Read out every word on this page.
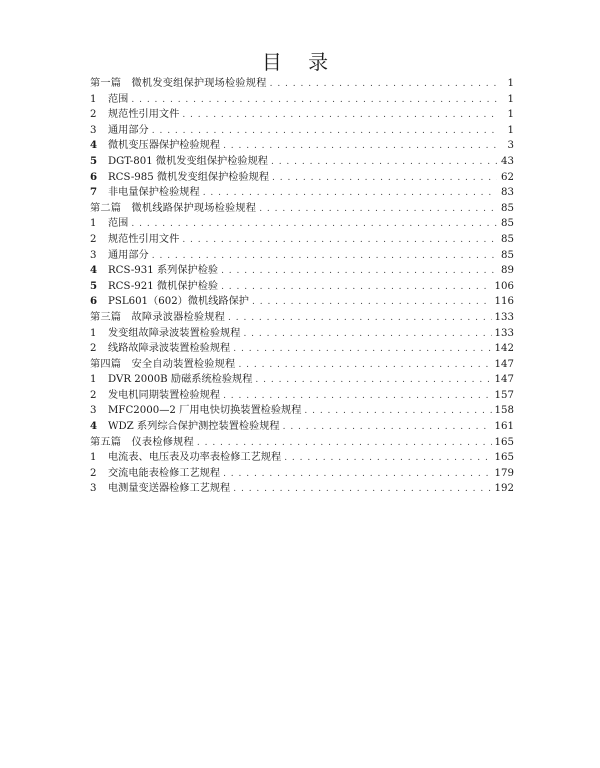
目 录
第一篇　微机发变组保护现场检验规程 . . .	1
1	范围 . . .	1
2	规范性引用文件 . . .	1
3	通用部分 . . .	1
4	微机变压器保护检验规程 . . .	3
5	DGT-801 微机发变组保护检验规程 . . .	43
6	RCS-985 微机发变组保护检验规程 . . .	62
7	非电量保护检验规程 . . .	83
第二篇　微机线路保护现场检验规程 . . .	85
1	范围 . . .	85
2	规范性引用文件 . . .	85
3	通用部分 . . .	85
4	RCS-931 系列保护检验 . . .	89
5	RCS-921 微机保护检验 . . .	106
6	PSL601（602）微机线路保护 . . .	116
第三篇　故障录波器检验规程 . . .	133
1	发变组故障录波装置检验规程 . . .	133
2	线路故障录波装置检验规程 . . .	142
第四篇　安全自动装置检验规程 . . .	147
1	DVR 2000B 励磁系统检验规程 . . .	147
2	发电机同期装置检验规程 . . .	157
3	MFC2000—2 厂用电快切换装置检验规程 . . .	158
4	WDZ 系列综合保护测控装置检验规程 . . .	161
第五篇　仪表检修规程 . . .	165
1	电流表、电压表及功率表检修工艺规程 . . .	165
2	交流电能表检修工艺规程 . . .	179
3	电测量变送器检修工艺规程 . . .	192
